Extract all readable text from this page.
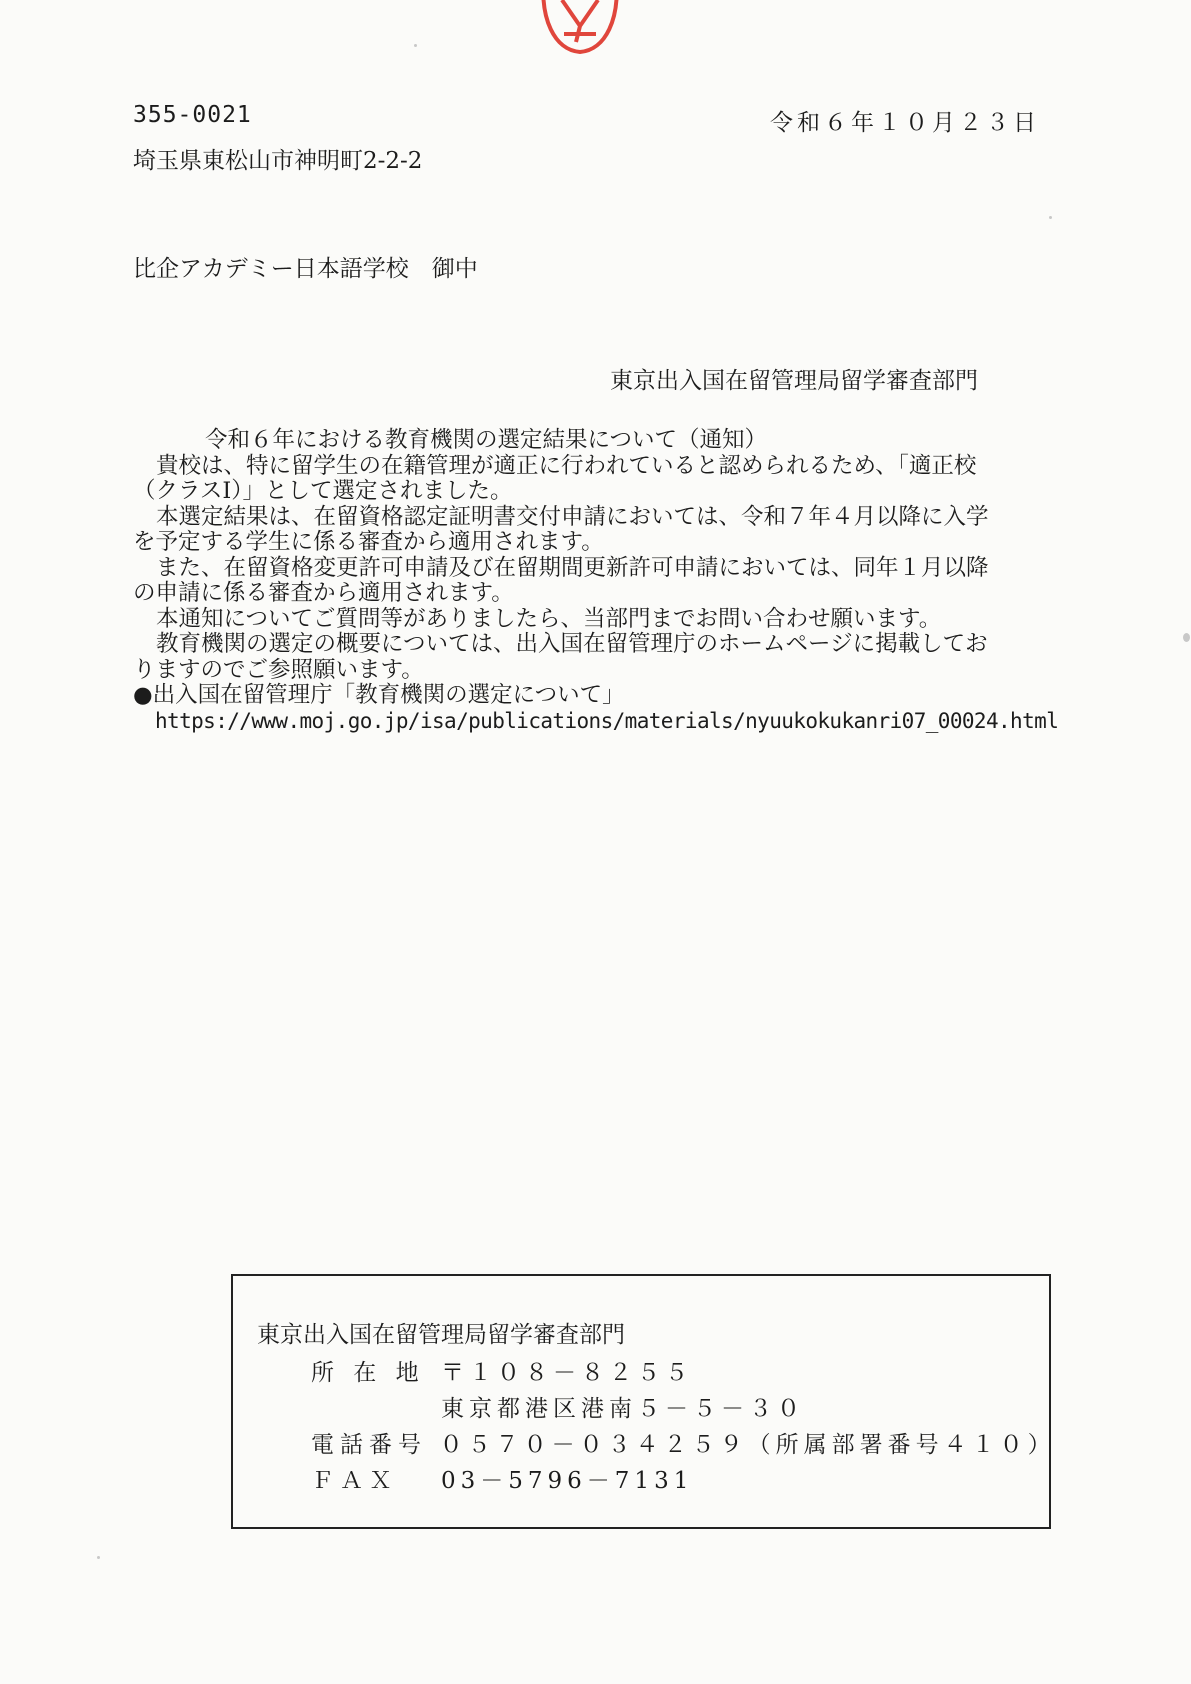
355-0021
埼玉県東松山市神明町2-2-2
令和６年１０月２３日
比企アカデミー日本語学校　御中
東京出入国在留管理局留学審査部門

令和６年における教育機関の選定結果について（通知）

貴校は、特に留学生の在籍管理が適正に行われていると認められるため、「適正校

（クラスⅠ）」として選定されました。

本選定結果は、在留資格認定証明書交付申請においては、令和７年４月以降に入学

を予定する学生に係る審査から適用されます。

また、在留資格変更許可申請及び在留期間更新許可申請においては、同年１月以降

の申請に係る審査から適用されます。

本通知についてご質問等がありましたら、当部門までお問い合わせ願います。

教育機関の選定の概要については、出入国在留管理庁のホームページに掲載してお

りますのでご参照願います。

●出入国在留管理庁「教育機関の選定について」

https://www.moj.go.jp/isa/publications/materials/nyuukokukanri07_00024.html

東京出入国在留管理局留学審査部門
所 在 地 〒１０８－８２５５
東京都港区港南５－５－３０
電話番号 ０５７０－０３４２５９（所属部署番号４１０）
ＦＡＸ	03－5796－7131
